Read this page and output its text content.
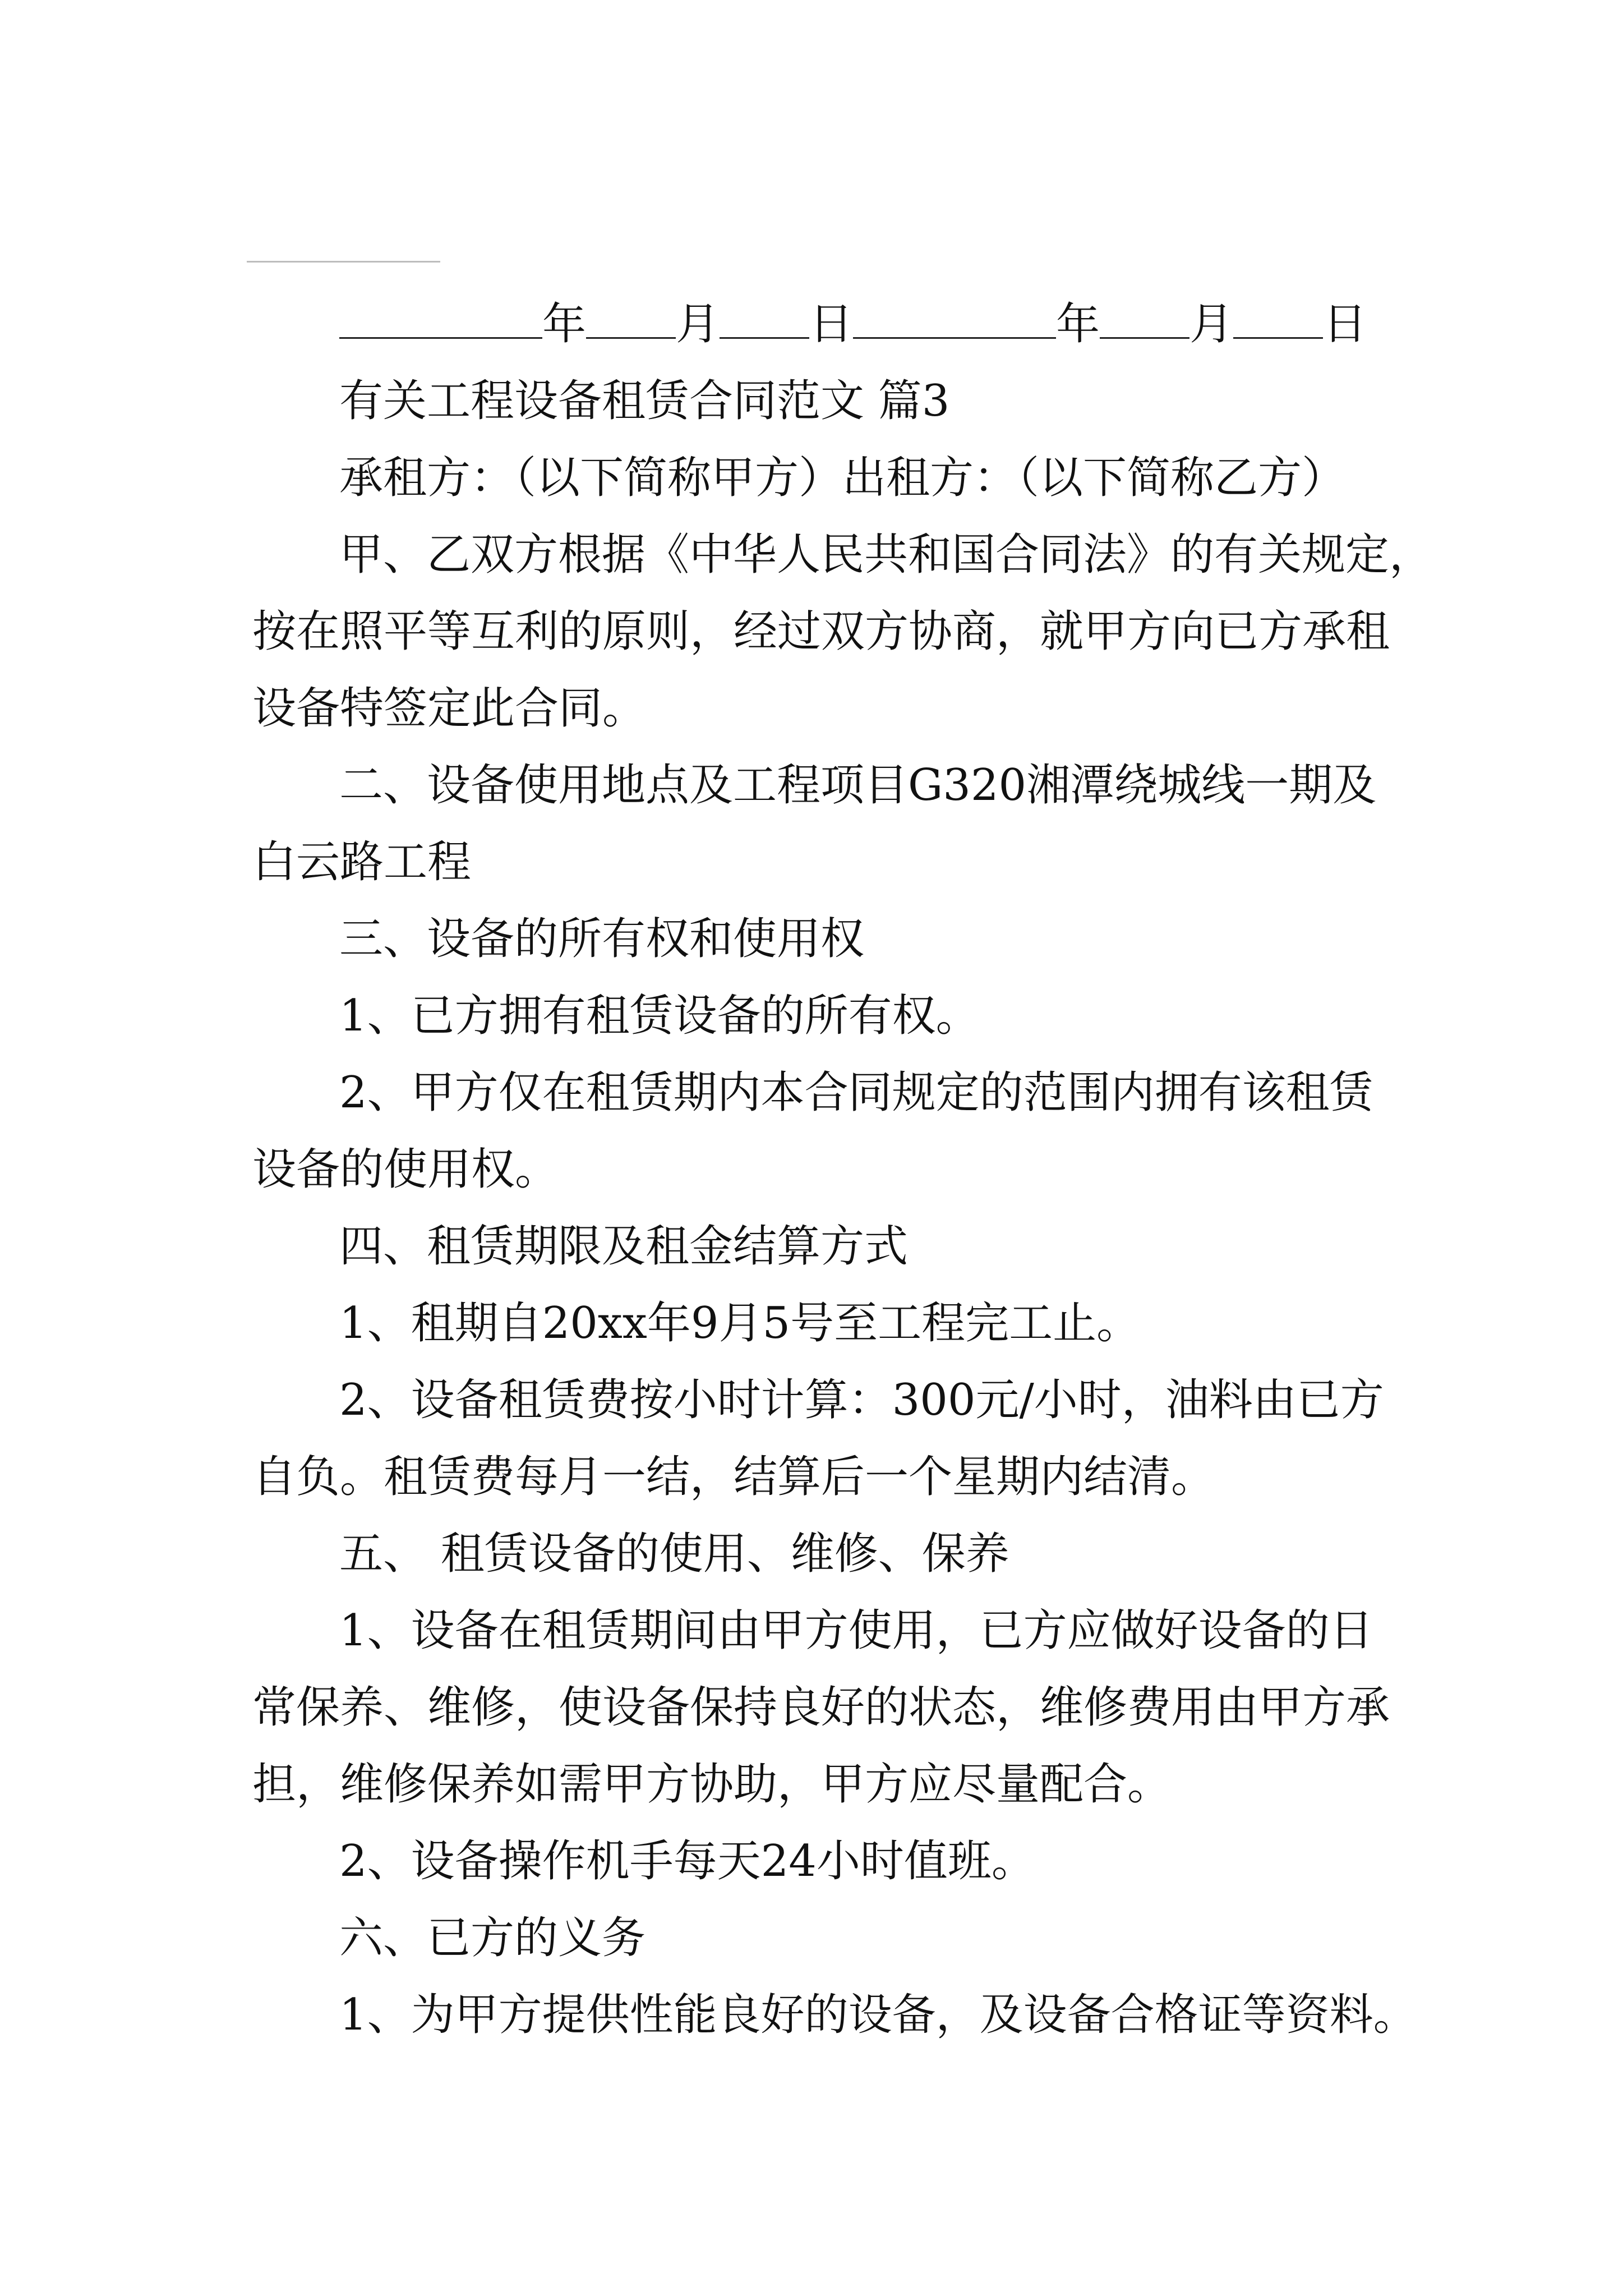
年 月 日	年 月 日
有关工程设备租赁合同范文 篇3
承租方：（以下简称甲方）出租方：（以下简称乙方）
甲、乙双方根据《中华人民共和国合同法》的有关规定，
按在照平等互利的原则，经过双方协商，就甲方向已方承租
设备特签定此合同。
二、设备使用地点及工程项目G320湘潭绕城线一期及
白云路工程
三、设备的所有权和使用权
1、已方拥有租赁设备的所有权。
2、甲方仅在租赁期内本合同规定的范围内拥有该租赁
设备的使用权。
四、租赁期限及租金结算方式
1、租期自20xx年9月5号至工程完工止。
2、设备租赁费按小时计算：300元/小时，油料由已方
自负。租赁费每月一结，结算后一个星期内结清。
五、 租赁设备的使用、维修、保养
1、设备在租赁期间由甲方使用，已方应做好设备的日
常保养、维修，使设备保持良好的状态，维修费用由甲方承
担，维修保养如需甲方协助，甲方应尽量配合。
2、设备操作机手每天24小时值班。
六、已方的义务
1、为甲方提供性能良好的设备，及设备合格证等资料。
